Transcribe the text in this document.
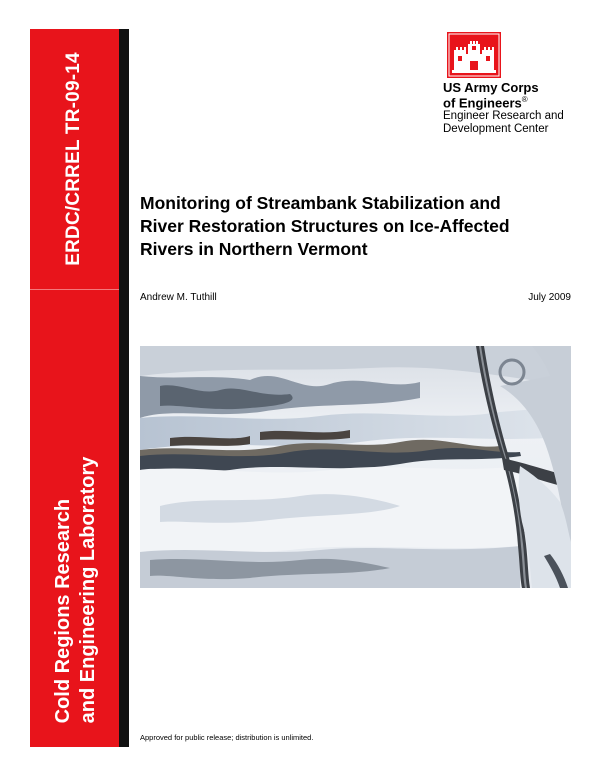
ERDC/CRREL TR-09-14
Cold Regions Research and Engineering Laboratory
US Army Corps
of Engineers®
Engineer Research and
Development Center
Monitoring of Streambank Stabilization and
River Restoration Structures on Ice-Affected
Rivers in Northern Vermont
Andrew M. Tuthill	July 2009
Approved for public release; distribution is unlimited.
